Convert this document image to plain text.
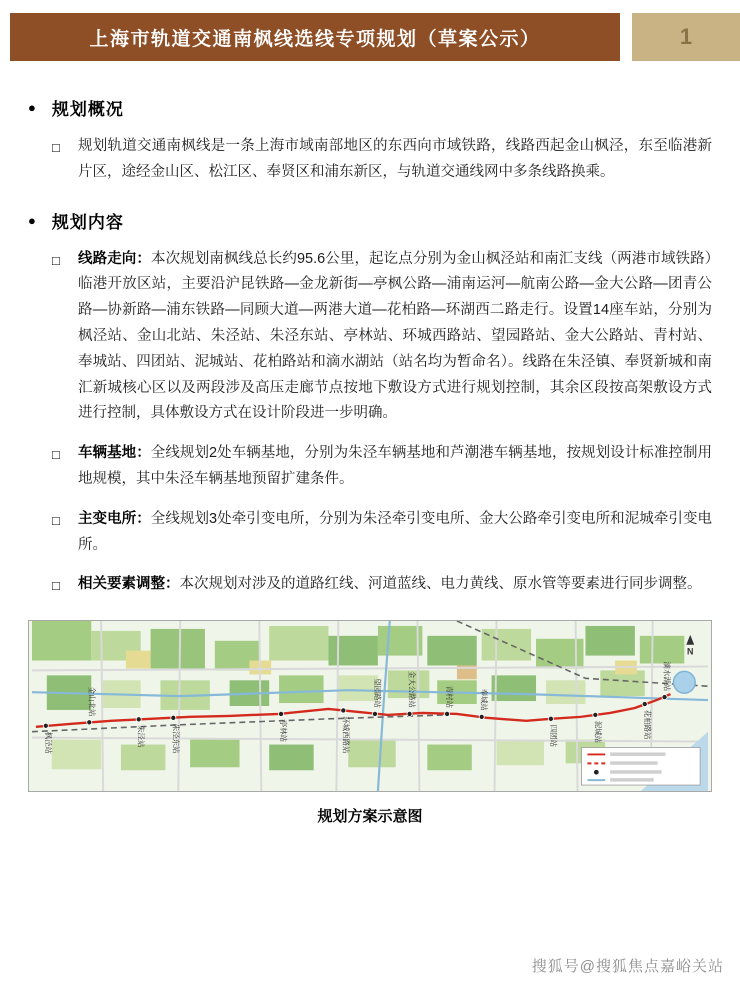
上海市轨道交通南枫线选线专项规划（草案公示）	1
● 规划概况
□	规划轨道交通南枫线是一条上海市域南部地区的东西向市域铁路，线路西起金山枫泾，东至临港新片区，途经金山区、松江区、奉贤区和浦东新区，与轨道交通线网中多条线路换乘。

● 规划内容
□	线路走向：本次规划南枫线总长约95.6公里，起讫点分别为金山枫泾站和南汇支线（两港市域铁路）临港开放区站，主要沿沪昆铁路—金龙新街—亭枫公路—浦南运河—航南公路—金大公路—团青公路—协新路—浦东铁路—同顾大道—两港大道—花柏路—环湖西二路走行。设置14座车站，分别为枫泾站、金山北站、朱泾站、朱泾东站、亭林站、环城西路站、望园路站、金大公路站、青村站、奉城站、四团站、泥城站、花柏路站和滴水湖站（站名均为暂命名）。线路在朱泾镇、奉贤新城和南汇新城核心区以及两段涉及高压走廊节点按地下敷设方式进行规划控制，其余区段按高架敷设方式进行控制，具体敷设方式在设计阶段进一步明确。

□	车辆基地：全线规划2处车辆基地，分别为朱泾车辆基地和芦潮港车辆基地，按规划设计标准控制用地规模，其中朱泾车辆基地预留扩建条件。

□	主变电所：全线规划3处牵引变电所，分别为朱泾牵引变电所、金大公路牵引变电所和泥城牵引变电所。

□	相关要素调整：本次规划对涉及的道路红线、河道蓝线、电力黄线、原水管等要素进行同步调整。

枫泾站
金山北站
朱泾站	朱泾东站	亭林站	环城西路站
望园路站	金大公路站	青村站	奉城站
四团站	泥城站	花柏路站
滴水湖站
N
规划方案示意图
搜狐号@搜狐焦点嘉峪关站
